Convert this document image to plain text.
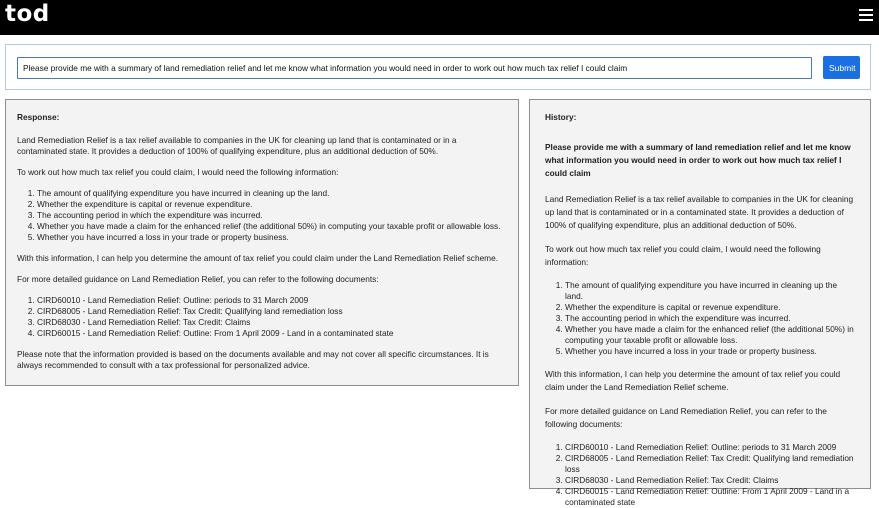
tod
Please provide me with a summary of land remediation relief and let me know what information you would need in order to work out how much tax relief I could claim
Submit
Response:

Land Remediation Relief is a tax relief available to companies in the UK for cleaning up land that is contaminated or in a contaminated state. It provides a deduction of 100% of qualifying expenditure, plus an additional deduction of 50%.

To work out how much tax relief you could claim, I would need the following information:

1. The amount of qualifying expenditure you have incurred in cleaning up the land.
2. Whether the expenditure is capital or revenue expenditure.
3. The accounting period in which the expenditure was incurred.
4. Whether you have made a claim for the enhanced relief (the additional 50%) in computing your taxable profit or allowable loss.
5. Whether you have incurred a loss in your trade or property business.

With this information, I can help you determine the amount of tax relief you could claim under the Land Remediation Relief scheme.

For more detailed guidance on Land Remediation Relief, you can refer to the following documents:

1. CIRD60010 - Land Remediation Relief: Outline: periods to 31 March 2009
2. CIRD68005 - Land Remediation Relief: Tax Credit: Qualifying land remediation loss
3. CIRD68030 - Land Remediation Relief: Tax Credit: Claims
4. CIRD60015 - Land Remediation Relief: Outline: From 1 April 2009 - Land in a contaminated state

Please note that the information provided is based on the documents available and may not cover all specific circumstances. It is always recommended to consult with a tax professional for personalized advice.

History:
Please provide me with a summary of land remediation relief and let me know what information you would need in order to work out how much tax relief I could claim

Land Remediation Relief is a tax relief available to companies in the UK for cleaning up land that is contaminated or in a contaminated state. It provides a deduction of 100% of qualifying expenditure, plus an additional deduction of 50%.

To work out how much tax relief you could claim, I would need the following information:

1. The amount of qualifying expenditure you have incurred in cleaning up the land.
2. Whether the expenditure is capital or revenue expenditure.
3. The accounting period in which the expenditure was incurred.
4. Whether you have made a claim for the enhanced relief (the additional 50%) in computing your taxable profit or allowable loss.
5. Whether you have incurred a loss in your trade or property business.

With this information, I can help you determine the amount of tax relief you could claim under the Land Remediation Relief scheme.

For more detailed guidance on Land Remediation Relief, you can refer to the following documents:

1. CIRD60010 - Land Remediation Relief: Outline: periods to 31 March 2009
2. CIRD68005 - Land Remediation Relief: Tax Credit: Qualifying land remediation loss
3. CIRD68030 - Land Remediation Relief: Tax Credit: Claims
4. CIRD60015 - Land Remediation Relief: Outline: From 1 April 2009 - Land in a contaminated state
